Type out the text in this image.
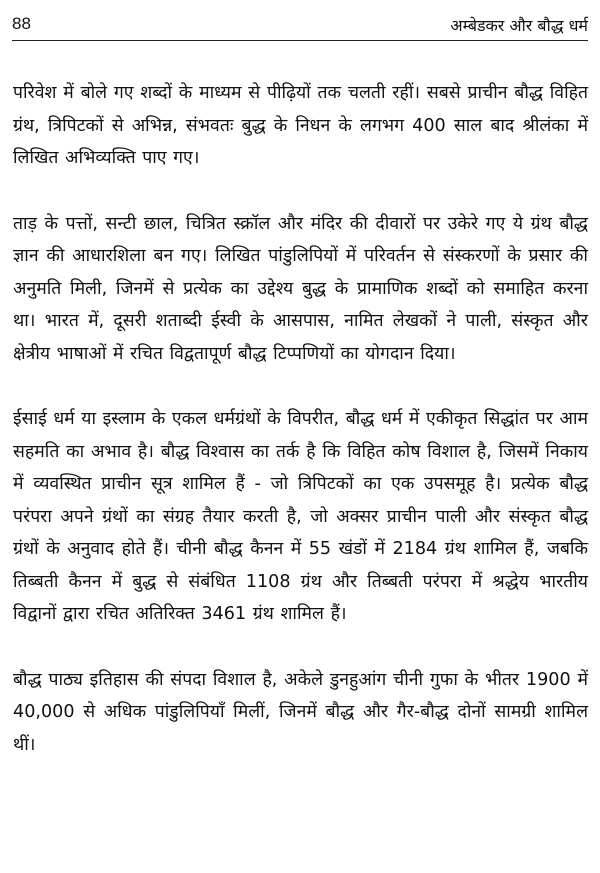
88	अम्बेडकर और बौद्ध धर्म

परिवेश में बोले गए शब्दों के माध्यम से पीढ़ियों तक चलती रहीं। सबसे प्राचीन बौद्ध विहित ग्रंथ, त्रिपिटकों से अभिन्न, संभवतः बुद्ध के निधन के लगभग 400 साल बाद श्रीलंका में लिखित अभिव्यक्ति पाए गए।

ताड़ के पत्तों, सन्टी छाल, चित्रित स्क्रॉल और मंदिर की दीवारों पर उकेरे गए ये ग्रंथ बौद्ध ज्ञान की आधारशिला बन गए। लिखित पांडुलिपियों में परिवर्तन से संस्करणों के प्रसार की अनुमति मिली, जिनमें से प्रत्येक का उद्देश्य बुद्ध के प्रामाणिक शब्दों को समाहित करना था। भारत में, दूसरी शताब्दी ईस्वी के आसपास, नामित लेखकों ने पाली, संस्कृत और क्षेत्रीय भाषाओं में रचित विद्वतापूर्ण बौद्ध टिप्पणियों का योगदान दिया।

ईसाई धर्म या इस्लाम के एकल धर्मग्रंथों के विपरीत, बौद्ध धर्म में एकीकृत सिद्धांत पर आम सहमति का अभाव है। बौद्ध विश्वास का तर्क है कि विहित कोष विशाल है, जिसमें निकाय में व्यवस्थित प्राचीन सूत्र शामिल हैं - जो त्रिपिटकों का एक उपसमूह है। प्रत्येक बौद्ध परंपरा अपने ग्रंथों का संग्रह तैयार करती है, जो अक्सर प्राचीन पाली और संस्कृत बौद्ध ग्रंथों के अनुवाद होते हैं। चीनी बौद्ध कैनन में 55 खंडों में 2184 ग्रंथ शामिल हैं, जबकि तिब्बती कैनन में बुद्ध से संबंधित 1108 ग्रंथ और तिब्बती परंपरा में श्रद्धेय भारतीय विद्वानों द्वारा रचित अतिरिक्त 3461 ग्रंथ शामिल हैं।

बौद्ध पाठ्य इतिहास की संपदा विशाल है, अकेले डुनहुआंग चीनी गुफा के भीतर 1900 में 40,000 से अधिक पांडुलिपियाँ मिलीं, जिनमें बौद्ध और गैर-बौद्ध दोनों सामग्री शामिल थीं।
